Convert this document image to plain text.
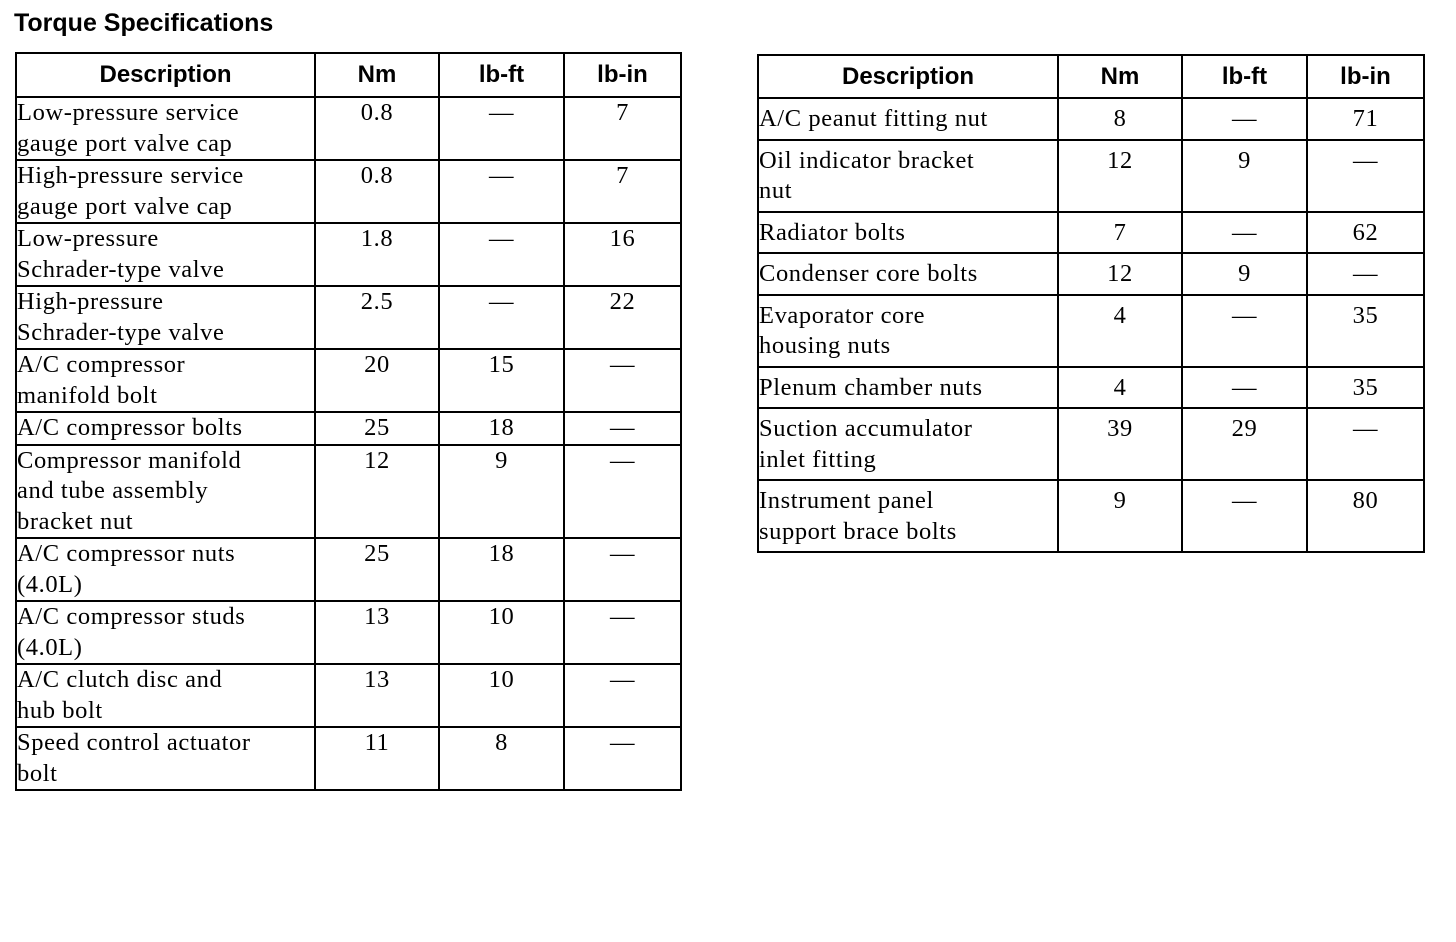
Torque Specifications
Description	Nm	lb-ft	lb-in
Low-pressure service
gauge port valve cap	0.8	—	7
High-pressure service
gauge port valve cap	0.8	—	7
Low-pressure
Schrader-type valve	1.8	—	16
High-pressure
Schrader-type valve	2.5	—	22
A/C compressor
manifold bolt	20	15	—
A/C compressor bolts	25	18	—
Compressor manifold
and tube assembly
bracket nut	12	9	—
A/C compressor nuts
(4.0L)	25	18	—
A/C compressor studs
(4.0L)	13	10	—
A/C clutch disc and
hub bolt	13	10	—
Speed control actuator
bolt	11	8	—
Description	Nm	lb-ft	lb-in
A/C peanut fitting nut	8	—	71
Oil indicator bracket
nut	12	9	—
Radiator bolts	7	—	62
Condenser core bolts	12	9	—
Evaporator core
housing nuts	4	—	35
Plenum chamber nuts	4	—	35
Suction accumulator
inlet fitting	39	29	—
Instrument panel
support brace bolts	9	—	80
